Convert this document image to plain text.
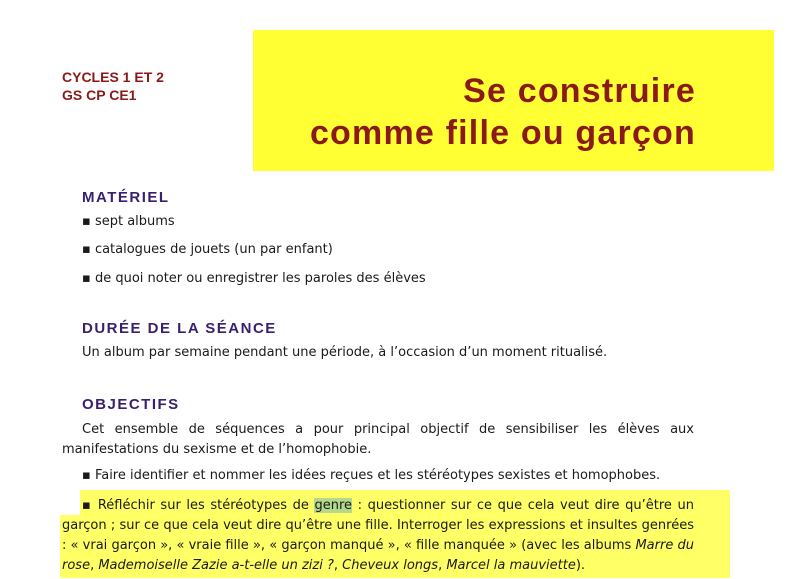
CYCLES 1 ET 2
GS CP CE1	Se construire
comme fille ou garçon
MATÉRIEL
▪ sept albums
▪ catalogues de jouets (un par enfant)
▪ de quoi noter ou enregistrer les paroles des élèves
DURÉE DE LA SÉANCE
Un album par semaine pendant une période, à l’occasion d’un moment ritualisé.
OBJECTIFS
Cet ensemble de séquences a pour principal objectif de sensibiliser les élèves aux manifestations du sexisme et de l’homophobie.
▪ Faire identifier et nommer les idées reçues et les stéréotypes sexistes et homophobes.
▪ Réfléchir sur les stéréotypes de genre : questionner sur ce que cela veut dire qu’être un garçon ; sur ce que cela veut dire qu’être une fille. Interroger les expressions et insultes genrées : « vrai garçon », « vraie fille », « garçon manqué », « fille manquée » (avec les albums Marre du rose, Mademoiselle Zazie a-t-elle un zizi ?, Cheveux longs, Marcel la mauviette).
